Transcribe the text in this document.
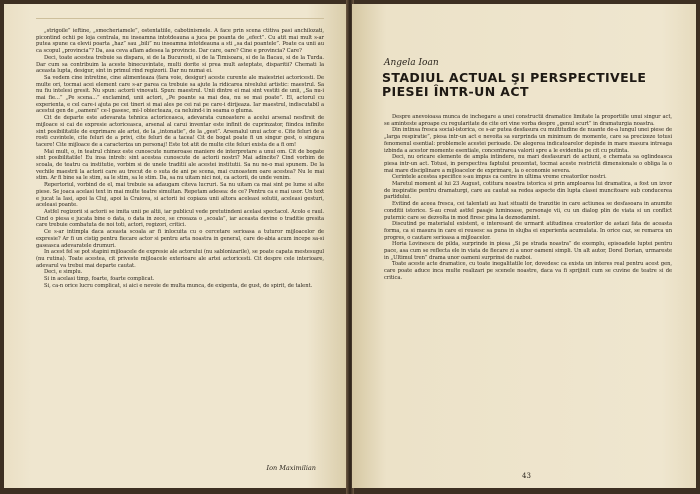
„strigoile” ieftine, „smecheriamele”, ostentatiile, cabotinismele. A face prin scena ctitiva pasi anchilozati, picontind ochii pe loja centrala, nu inseamna intotdeauna a juca pe poanta de „efect”. Cu atit mai mult s-ar putea spune ca elevii poarta „haz” sau „bili” nu inseamna intotdeauna a sti „sa dai poantele”. Poate ca unii au ca scopul „provincia”? Da, asa ceva aflam adesea la provincie. Dar care, oare? Cine e provincia? Care?

Deci, toate acestea trebuie sa dispara, si de la Bucuresti, si de la Timisoara, si de la Bacau, si de la Turda. Dar cum sa contribuim la aceste binecuvintate, multi dorite si prea mult asteptate, disparitii? Chemati la aceasta lupta, desigur, sint in primul rind regizorii. Dar nu numai ei.

Sa vedem cine intretine, cine alimenteaza (fara voie, desigur) aceste curente ale maiestriei actoricesti. De multe ori, tocmai acei element care s-ar parea ca trebuie sa ajute la ridicarea nivelului artistic: maestrul. Sa nu fiu intelesi gresit. Nu spun: actorii vinovati. Spun: maestrul. Unii dintre ei mai sint vestiti de unii, „Sa nu-i mai fie...” „Pe scena...” exclamind, unii actori, „Pe poante sa mai dea, nu se mai poate”. El, actorul cu experienta, e cel care-i ajuta pe cei tineri si mai ales pe cei rai pe care-i dirijeaza. Iar maestrul, indiscutabil a acestui gen de „oameni” ce-l gasesc, mi-l obiecteaza, ca neluind-i in seama o gluma.

Cit de departe este adevarata tehnica actoriceasca, adevarata cunoastere a acelui arsenal nesfirsit de mijloace si cai de expresie actoriceasca, arsenal al carui inventar este infinit de cuprinzator, fiindca infinite sint posibilitatile de exprimare ale artei, de la „intonatie”, de la „gest”. Arsenalul unui actor e. Cite feluri de a rosti cuvintele, cite feluri de a privi, cite feluri de a tacea! Cit de bogat poate fi un singur gest, o singura tacere! Cite mijloace de a caracteriza un personaj! Este tot atit de multe cite feluri exista de a fi om!

Mai mult, o, in teatrul chinez este cunoscute numeroase maniere de interpretare a unui om. Cit de bogate sint posibilitatile! Eu insa intreb: sint acestea cunoscute de actorii nostri? Mai adincite? Cind vorbim de scoala, de teatru ca institutie, vorbim si de unele traditii ale acestei institutii. Sa nu ne-o mai spunem. De la vechile maestrii la actorii care au trecut de o suta de ani pe scena, mai cunoastem oare acestea? Nu le mai stim. Ar fi bine sa le stim, sa le stim, sa le stim. Da, sa nu uitam nici noi, ca actorii, de unde venim.

Repertoriul, vorbind de el, mai trebuie sa adaugam citeva lucruri. Sa nu uitam ca mai sint pe lume si alte piese. Se joaca acelasi text in mai multe teatre simultan. Repetam adesea: de ce? Pentru ca e mai usor. Un text e jucat la Iasi, apoi la Cluj, apoi la Craiova, si actorii isi copiaza unii altora aceleasi solutii, aceleasi gesturi, aceleasi poante.

Astfel regizorii si actorii se imita unii pe altii, iar publicul vede pretutindeni acelasi spectacol. Acolo e raul. Cind o piesa e jucata bine o data, o data in zece, se creeaza o „scoala”, iar aceasta devine o traditie gresita care trebuie combatuta de noi toti, actori, regizori, critici.

Ce s-ar intimpla daca aceasta scoala ar fi inlocuita cu o cercetare serioasa a tuturor mijloacelor de expresie? Ar fi un cistig pentru fiecare actor si pentru arta noastra in general, care de-abia acum incepe sa-si gaseasca adevaratele drumuri.

In acest fel se pot stapini mijloacele de expresie ale actorului (nu sablonizarile), se poate capata mestesugul (nu rutina). Toate acestea, cit priveste mijloacele exterioare ale artei actoricesti. Cit despre cele interioare, adevarul va trebui mai departe cautat.

Deci, e simplu.

Si in acelasi timp, foarte, foarte complicat.

Si, ca-n orice lucru complicat, si aici e nevoie de multa munca, de exigenta, de gust, de spirit, de talent.

Ion Maximilian
Angela Ioan
STADIUL ACTUAL ŞI PERSPECTIVELE PIESEI ÎNTR-UN ACT

Despre anevoioasa munca de inchegare a unei constructii dramatice limitate la proportiile unui singur act, se aminteste aproape cu regularitate de cite ori vine vorba despre „genul scurt” in dramaturgia noastra.

Din intinsa fresca social-istorica, ce s-ar putea desfasura cu multitudine de nuante de-a lungul unei piese de „larga respiratie”, piesa intr-un act e nevoita sa surprinda un minimum de momente, care sa precizeze totusi fenomenul esential: problemele acestei perioade. De alegerea indicatoarelor depinde in mare masura intreaga izbinda a acestor momente esentiale, concentrarea valorii spre a le evidentia pe cit cu putinta.

Deci, nu oricare elemente de ampla intindere, nu mari desfasurari de actiuni, e chemata sa oglindeasca piesa intr-un act. Totusi, in perspectiva faptului prezentat, tocmai aceste restrictii dimensionale o obliga la o mai mare disciplinare a mijloacelor de exprimare, la o economie severa.

Cerintele acestea specifice s-au impus ca centre in ultima vreme creatorilor nostri.

Maretul moment al lui 23 August, cotitura noastra istorica si prin amploarea lui dramatica, a fost un izvor de inspiratie pentru dramaturgi, care au cautat sa redea aspecte din lupta clasei muncitoare sub conducerea partidului.

Evitind de aceea fresca, cei talentati au luat situatii de tranzitie in care actiunea se desfasoara in anumite conditii istorice. S-au creat astfel pasaje luminoase, personaje vii, cu un dialog plin de viata si un conflict puternic care se dezvolta in mod firesc pina la deznodamint.

Discutind pe materialul existent, e interesant de urmarit atitudinea creatorilor de astazi fata de aceasta forma, ca si masura in care ei reusesc sa puna in slujba ei experienta acumulata. In orice caz, se remarca un progres, o cautare serioasa a mijloacelor.

Horia Lovinescu de pilda, surprinde in piesa „Si pe strada noastra” de exemplu, episoadele luptei pentru pace, asa cum se reflecta ele in viata de fiecare zi a unor oameni simpli. Un alt autor, Dorel Dorian, urmareste in „Ultimul tren” drama unor oameni surprinsi de razboi.

Toate aceste acte dramatice, cu toate inegalitatile lor, dovedesc ca exista un interes real pentru acest gen, care poate aduce inca multe realizari pe scenele noastre, daca va fi sprijinit cum se cuvine de teatre si de critica.

43
